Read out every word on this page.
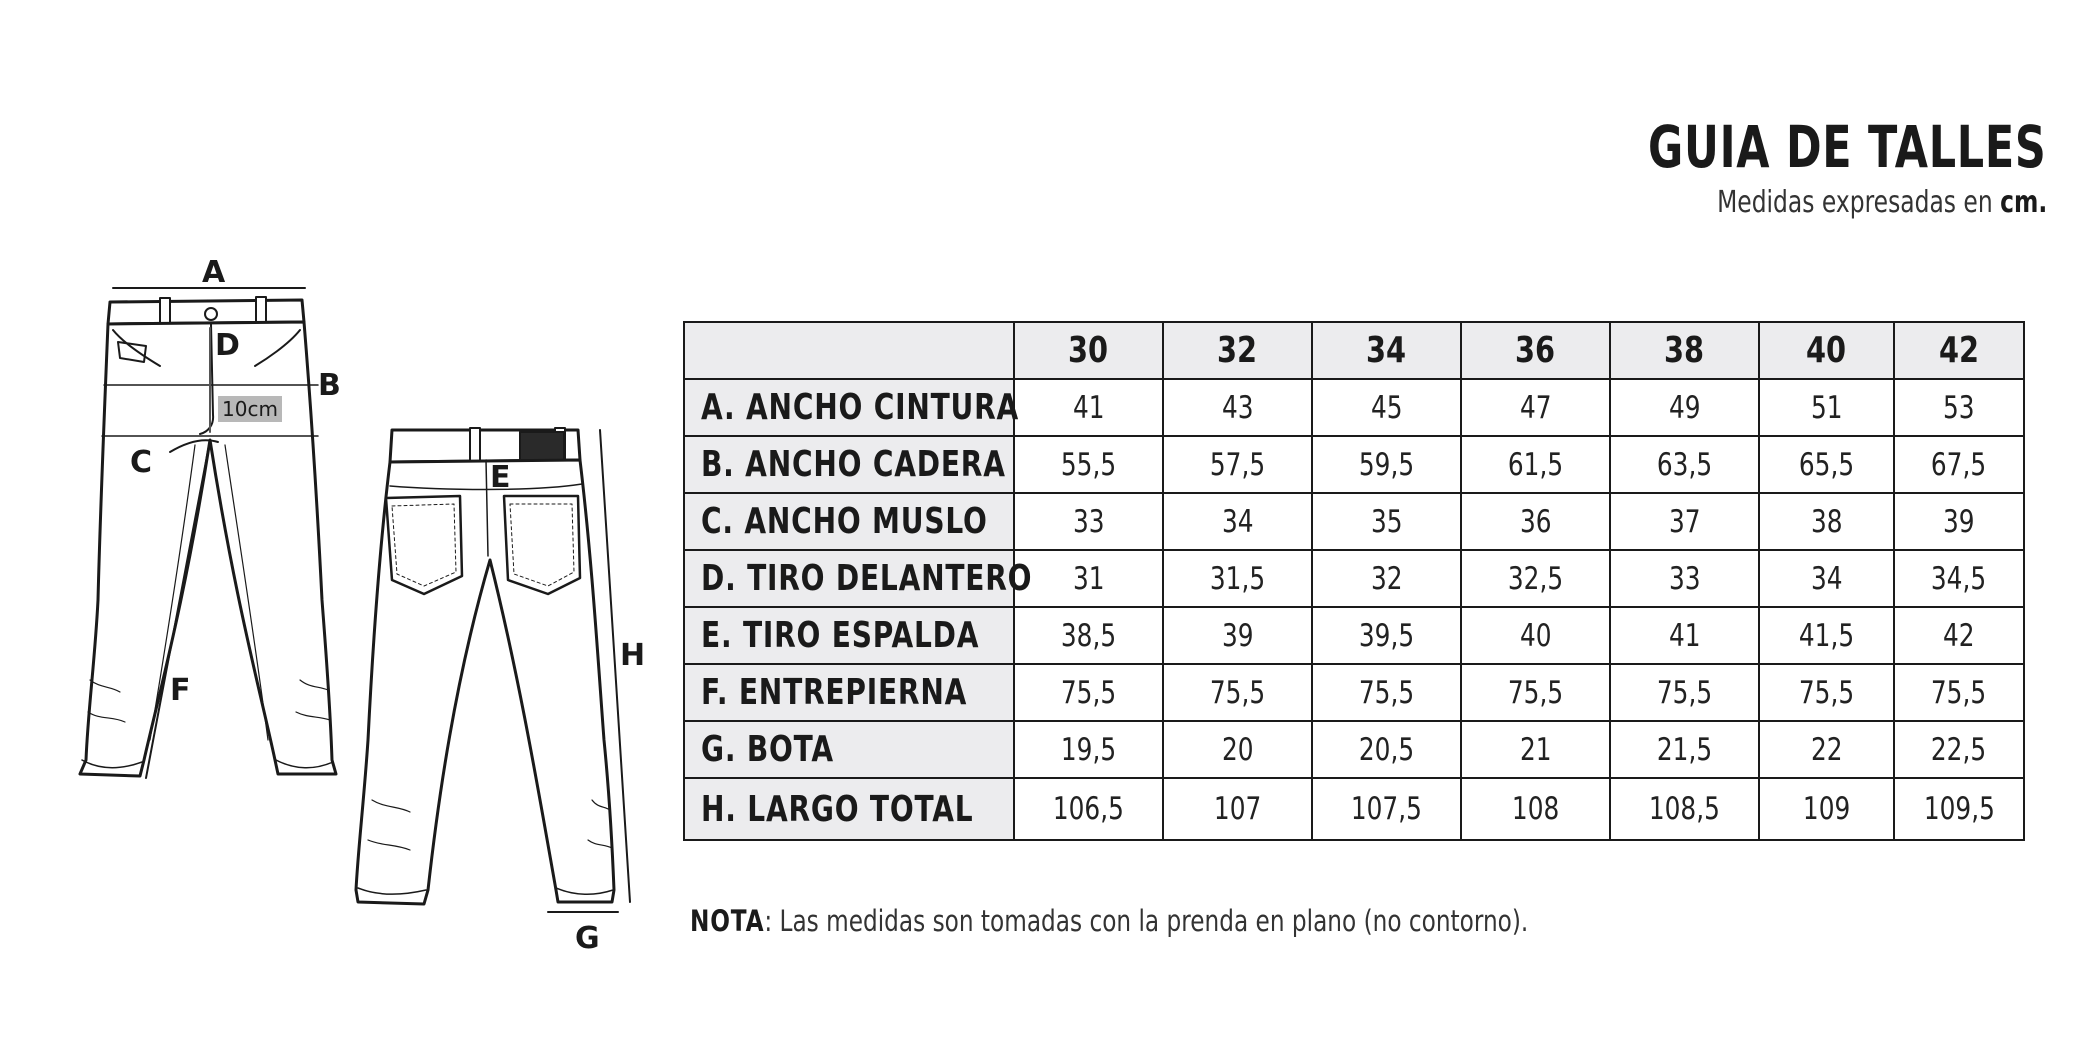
GUIA DE TALLES
Medidas expresadas en cm.
10cm
A
B
C
D
E
F
G
H
	30	32	34	36	38	40	42
A. ANCHO CINTURA	41	43	45	47	49	51	53
B. ANCHO CADERA	55,5	57,5	59,5	61,5	63,5	65,5	67,5
C. ANCHO MUSLO	33	34	35	36	37	38	39
D. TIRO DELANTERO	31	31,5	32	32,5	33	34	34,5
E. TIRO ESPALDA	38,5	39	39,5	40	41	41,5	42
F. ENTREPIERNA	75,5	75,5	75,5	75,5	75,5	75,5	75,5
G. BOTA	19,5	20	20,5	21	21,5	22	22,5
H. LARGO TOTAL	106,5	107	107,5	108	108,5	109	109,5
NOTA: Las medidas son tomadas con la prenda en plano (no contorno).
